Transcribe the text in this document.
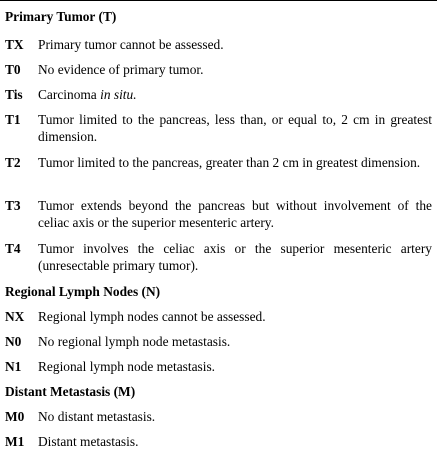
Primary Tumor (T)
TX Primary tumor cannot be assessed.
T0 No evidence of primary tumor.
Tis Carcinoma in situ.
T1 Tumor limited to the pancreas, less than, or equal to, 2 cm in greatest dimension.
T2 Tumor limited to the pancreas, greater than 2 cm in greatest dimension.
T3 Tumor extends beyond the pancreas but without involvement of the celiac axis or the superior mesenteric artery.
T4 Tumor involves the celiac axis or the superior mesenteric artery (unresectable primary tumor).
Regional Lymph Nodes (N)
NX Regional lymph nodes cannot be assessed.
N0 No regional lymph node metastasis.
N1 Regional lymph node metastasis.
Distant Metastasis (M)
M0 No distant metastasis.
M1 Distant metastasis.
